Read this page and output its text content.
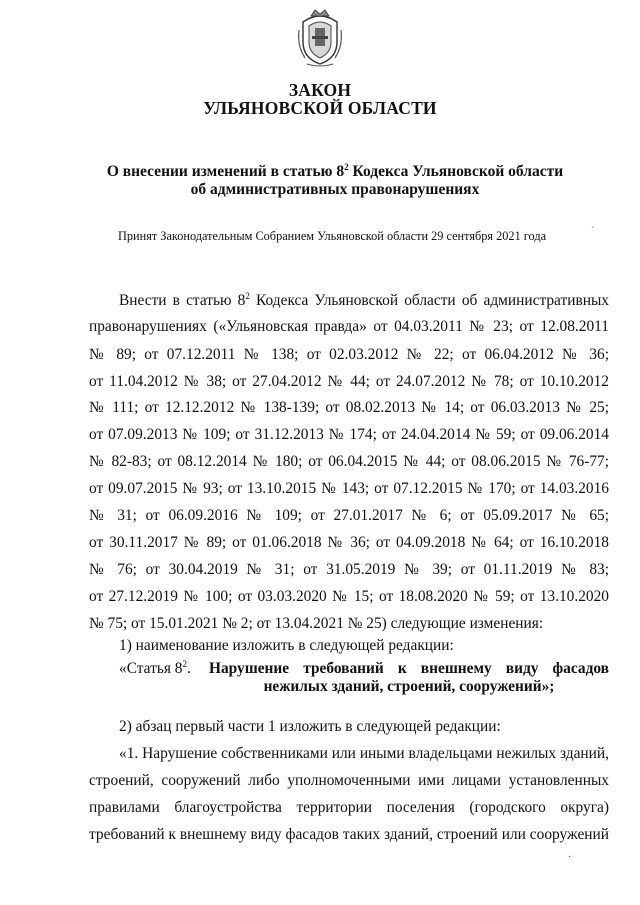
ЗАКОН
УЛЬЯНОВСКОЙ ОБЛАСТИ
О внесении изменений в статью $8^2$ Кодекса Ульяновской области
об административных правонарушениях
Принят Законодательным Собранием Ульяновской области 29 сентября 2021 года	´
Внести в статью $8^2$ Кодекса Ульяновской области об административных
правонарушениях («Ульяновская правда» от 04.03.2011 № 23; от 12.08.2011
№ 89; от 07.12.2011 № 138; от 02.03.2012 № 22; от 06.04.2012 № 36;
от 11.04.2012 № 38; от 27.04.2012 № 44; от 24.07.2012 № 78; от 10.10.2012
№ 111; от 12.12.2012 № 138-139; от 08.02.2013 № 14; от 06.03.2013 № 25;
от 07.09.2013 № 109; от 31.12.2013 № 174; от 24.04.2014 № 59; от 09.06.2014
№ 82-83; от 08.12.2014 № 180; от 06.04.2015 № 44; от 08.06.2015 № 76-77;
от 09.07.2015 № 93; от 13.10.2015 № 143; от 07.12.2015 № 170; от 14.03.2016
№ 31; от 06.09.2016 № 109; от 27.01.2017 № 6; от 05.09.2017 № 65;
от 30.11.2017 № 89; от 01.06.2018 № 36; от 04.09.2018 № 64; от 16.10.2018
№ 76; от 30.04.2019 № 31; от 31.05.2019 № 39; от 01.11.2019 № 83;
от 27.12.2019 № 100; от 03.03.2020 № 15; от 18.08.2020 № 59; от 13.10.2020
№ 75; от 15.01.2021 № 2; от 13.04.2021 № 25) следующие изменения:
1) наименование изложить в следующей редакции:
«Статья $8^2$. Нарушение требований к внешнему виду фасадов
нежилых зданий, строений, сооружений»;
2) абзац первый части 1 изложить в следующей редакции:
«1. Нарушение собственниками или иными владельцами нежилых зданий,
строений, сооружений либо уполномоченными ими лицами установленных
правилами благоустройства территории поселения (городского округа)
требований к внешнему виду фасадов таких зданий, строений или сооружений
·
